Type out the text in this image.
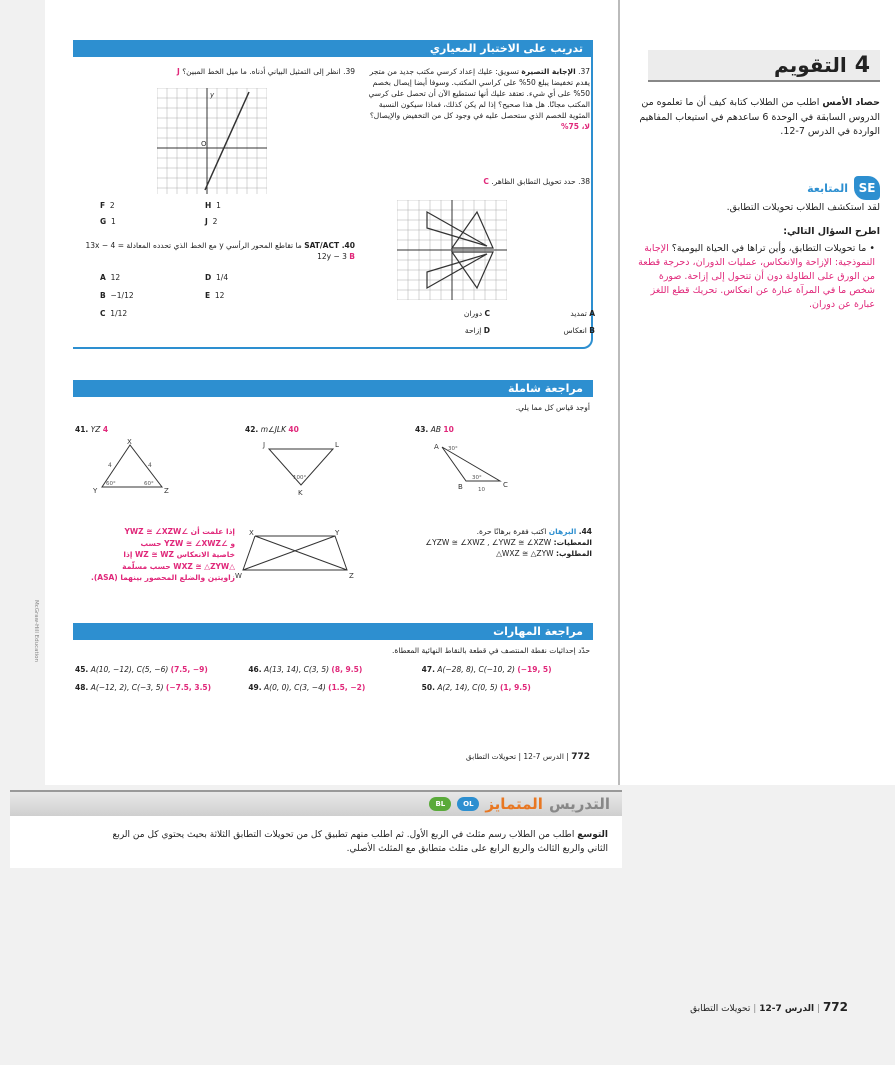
تدريب على الاختبار المعياري
37. الإجابة التصيرة تسويق: عليك إعداد كرسي مكتب جديد من متجر يقدم تخفيضا يبلغ 50% على كراسي المكتب. وسوفا أيضا إيصال بخصم 50% على أي شيء. تعتقد عليك أنها تستطيع الآن أن تحصل على كرسي المكتب مجانًا. هل هذا صحيح؟ إذا لم يكن كذلك، فماذا سيكون النسبة المئوية للخصم الذي ستحصل عليه في وجود كل من التخفيض والإيصال؟ لا، 75%
38. حدد تحويل التطابق الظاهر. C
A تمديد
C دوران
B انعكاس
D إزاحة
39. انظر إلى التمثيل البياني أدناه. ما ميل الخط المبين؟ J
O
y
F 2	H 1
G 1	J 2
SAT/ACT .40 ما تقاطع المحور الرأسي y مع الخط الذي تحدده المعادلة 13x − 4 = 12y − 3 B
A 12	D 1/4
B −1/12	E 12
C 1/12
مراجعة شاملة
أوجد قياس كل مما يلي.
41. YZ 4
X
Y	Z
4	4
60°	60°
42. m∠JLK 40
J	L
K
100°
43. AB 10
A
B	C
30°
30°
10
44. البرهان اكتب فقرة برهانًا حرة.
المعطيات: ∠YZW ≅ ∠XWZ , ∠YWZ ≅ ∠XZW
المطلوب: △WXZ ≅ △ZYW
X	Y
W	Z
إذا علمت أن ∠YWZ ≅ ∠XZW
و ∠YZW ≅ ∠XWZ حسب
خاصية الانعكاس WZ ≅ WZ إذا
△WXZ ≅ △ZYW حسب مسلّمة
زاويتين والضلع المحصور بينهما (ASA).
مراجعة المهارات
حدّد إحداثيات نقطة المنتصف في قطعة بالنقاط النهائية المعطاة.
45. A(10, −12), C(5, −6) (7.5, −9)	46. A(13, 14), C(3, 5) (8, 9.5)	47. A(−28, 8), C(−10, 2) (−19, 5)
48. A(−12, 2), C(−3, 5) (−7.5, 3.5)	49. A(0, 0), C(3, −4) (1.5, −2)	50. A(2, 14), C(0, 5) (1, 9.5)
772 | الدرس 7-12 | تحويلات التطابق
McGraw-Hill Education
4
التقويم
حصاد الأمس اطلب من الطلاب كتابة كيف أن ما تعلموه من الدروس السابقة في الوحدة 6 ساعدهم في استيعاب المفاهيم الواردة في الدرس 7-12.
SE
المتابعة
لقد استكشف الطلاب تحويلات التطابق.
اطرح السؤال التالي:
• ما تحويلات التطابق، وأين تراها في الحياة اليومية؟ الإجابة النموذجية: الإزاحة والانعكاس، عمليات الدوران، دحرجة قطعة من الورق على الطاولة دون أن تتحول إلى إزاحة. صورة شخص ما في المرآة عبارة عن انعكاس. تحريك قطع اللغز عبارة عن دوران.
التدريس
المتمايز
OL
BL
التوسع اطلب من الطلاب رسم مثلث في الربع الأول. ثم اطلب منهم تطبيق كل من تحويلات التطابق الثلاثة بحيث يحتوي كل من الربع الثاني والربع الثالث والربع الرابع على مثلث متطابق مع المثلث الأصلي.
772 | الدرس 7-12 | تحويلات التطابق
